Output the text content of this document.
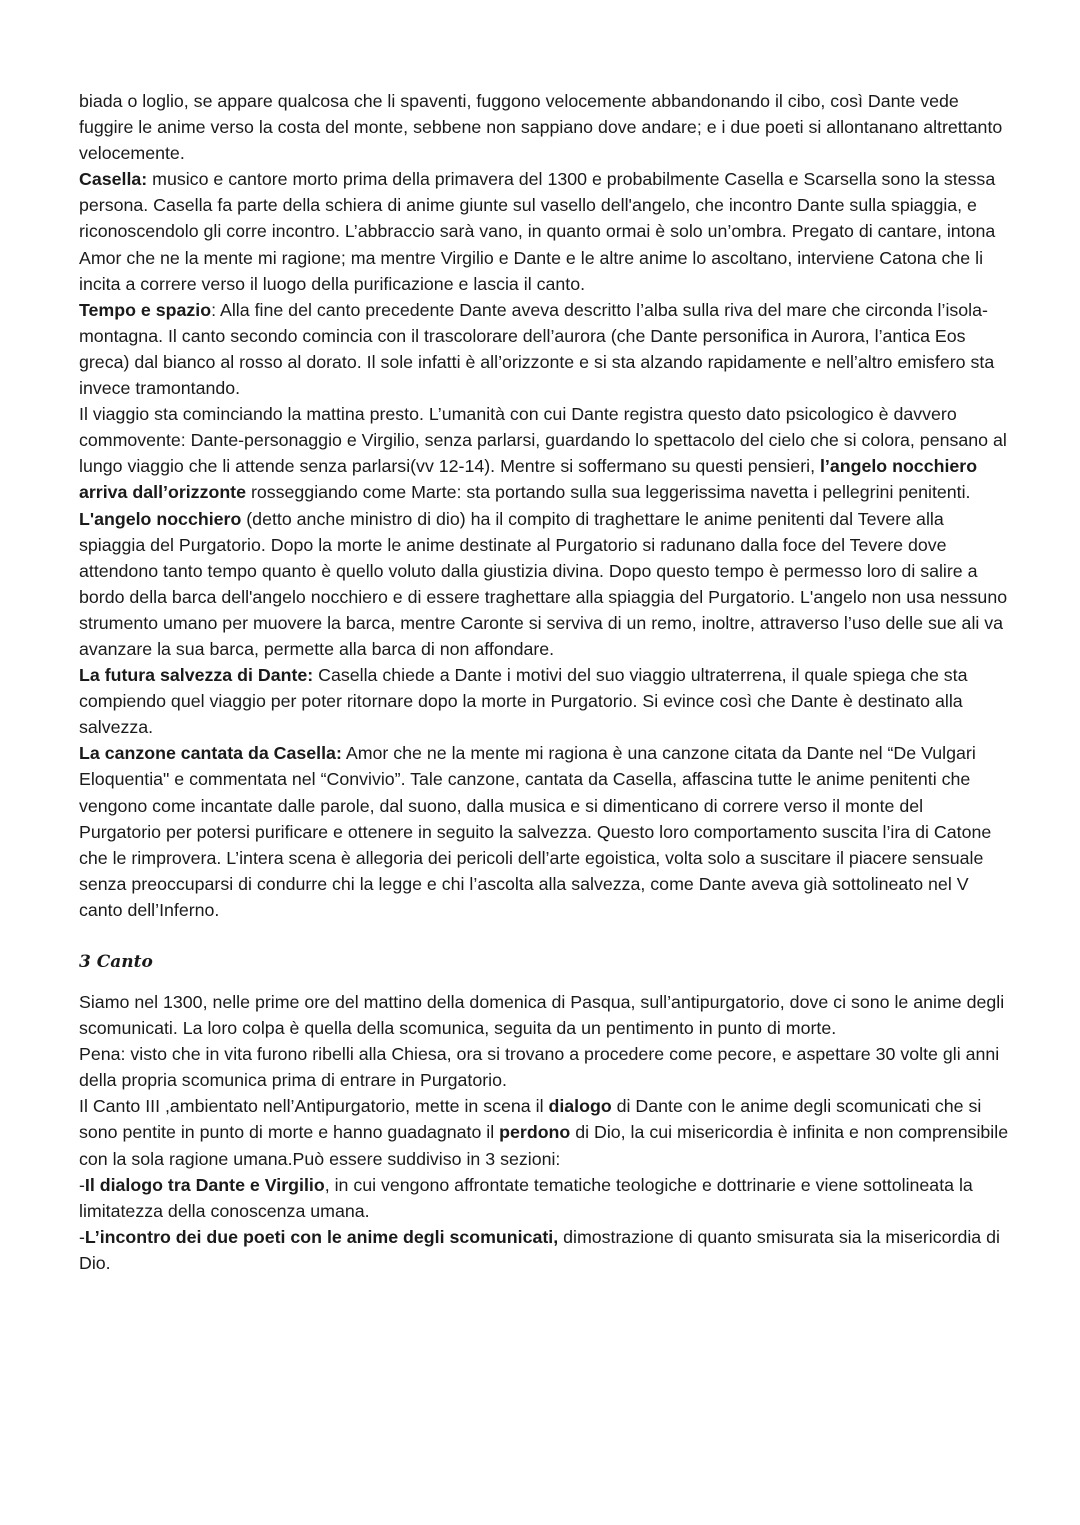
biada o loglio, se appare qualcosa che li spaventi, fuggono velocemente abbandonando il cibo, così Dante vede fuggire le anime verso la costa del monte, sebbene non sappiano dove andare; e i due poeti si allontanano altrettanto velocemente.

Casella: musico e cantore morto prima della primavera del 1300 e probabilmente Casella e Scarsella sono la stessa persona. Casella fa parte della schiera di anime giunte sul vasello dell'angelo, che incontro Dante sulla spiaggia, e riconoscendolo gli corre incontro. L’abbraccio sarà vano, in quanto ormai è solo un’ombra. Pregato di cantare, intona Amor che ne la mente mi ragione; ma mentre Virgilio e Dante e le altre anime lo ascoltano, interviene Catona che li incita a correre verso il luogo della purificazione e lascia il canto.

Tempo e spazio: Alla fine del canto precedente Dante aveva descritto l’alba sulla riva del mare che circonda l’isola-montagna. Il canto secondo comincia con il trascolorare dell’aurora (che Dante personifica in Aurora, l’antica Eos greca) dal bianco al rosso al dorato. Il sole infatti è all’orizzonte e si sta alzando rapidamente e nell’altro emisfero sta invece tramontando.

Il viaggio sta cominciando la mattina presto. L’umanità con cui Dante registra questo dato psicologico è davvero commovente: Dante-personaggio e Virgilio, senza parlarsi, guardando lo spettacolo del cielo che si colora, pensano al lungo viaggio che li attende senza parlarsi(vv 12-14). Mentre si soffermano su questi pensieri, l’angelo nocchiero arriva dall’orizzonte rosseggiando come Marte: sta portando sulla sua leggerissima navetta i pellegrini penitenti.

L'angelo nocchiero (detto anche ministro di dio) ha il compito di traghettare le anime penitenti dal Tevere alla spiaggia del Purgatorio. Dopo la morte le anime destinate al Purgatorio si radunano dalla foce del Tevere dove attendono tanto tempo quanto è quello voluto dalla giustizia divina. Dopo questo tempo è permesso loro di salire a bordo della barca dell'angelo nocchiero e di essere traghettare alla spiaggia del Purgatorio. L'angelo non usa nessuno strumento umano per muovere la barca, mentre Caronte si serviva di un remo, inoltre, attraverso l’uso delle sue ali va avanzare la sua barca, permette alla barca di non affondare.

La futura salvezza di Dante: Casella chiede a Dante i motivi del suo viaggio ultraterrena, il quale spiega che sta compiendo quel viaggio per poter ritornare dopo la morte in Purgatorio. Si evince così che Dante è destinato alla salvezza.

La canzone cantata da Casella: Amor che ne la mente mi ragiona è una canzone citata da Dante nel “De Vulgari Eloquentia" e commentata nel “Convivio”. Tale canzone, cantata da Casella, affascina tutte le anime penitenti che vengono come incantate dalle parole, dal suono, dalla musica e si dimenticano di correre verso il monte del Purgatorio per potersi purificare e ottenere in seguito la salvezza. Questo loro comportamento suscita l’ira di Catone che le rimprovera. L’intera scena è allegoria dei pericoli dell’arte egoistica, volta solo a suscitare il piacere sensuale senza preoccuparsi di condurre chi la legge e chi l’ascolta alla salvezza, come Dante aveva già sottolineato nel V canto dell’Inferno.

3 Canto

Siamo nel 1300, nelle prime ore del mattino della domenica di Pasqua, sull’antipurgatorio, dove ci sono le anime degli scomunicati. La loro colpa è quella della scomunica, seguita da un pentimento in punto di morte.

Pena: visto che in vita furono ribelli alla Chiesa, ora si trovano a procedere come pecore, e aspettare 30 volte gli anni della propria scomunica prima di entrare in Purgatorio.

Il Canto III ,ambientato nell’Antipurgatorio, mette in scena il dialogo di Dante con le anime degli scomunicati che si sono pentite in punto di morte e hanno guadagnato il perdono di Dio, la cui misericordia è infinita e non comprensibile con la sola ragione umana.Può essere suddiviso in 3 sezioni:

-Il dialogo tra Dante e Virgilio, in cui vengono affrontate tematiche teologiche e dottrinarie e viene sottolineata la limitatezza della conoscenza umana.

-L’incontro dei due poeti con le anime degli scomunicati, dimostrazione di quanto smisurata sia la misericordia di Dio.
